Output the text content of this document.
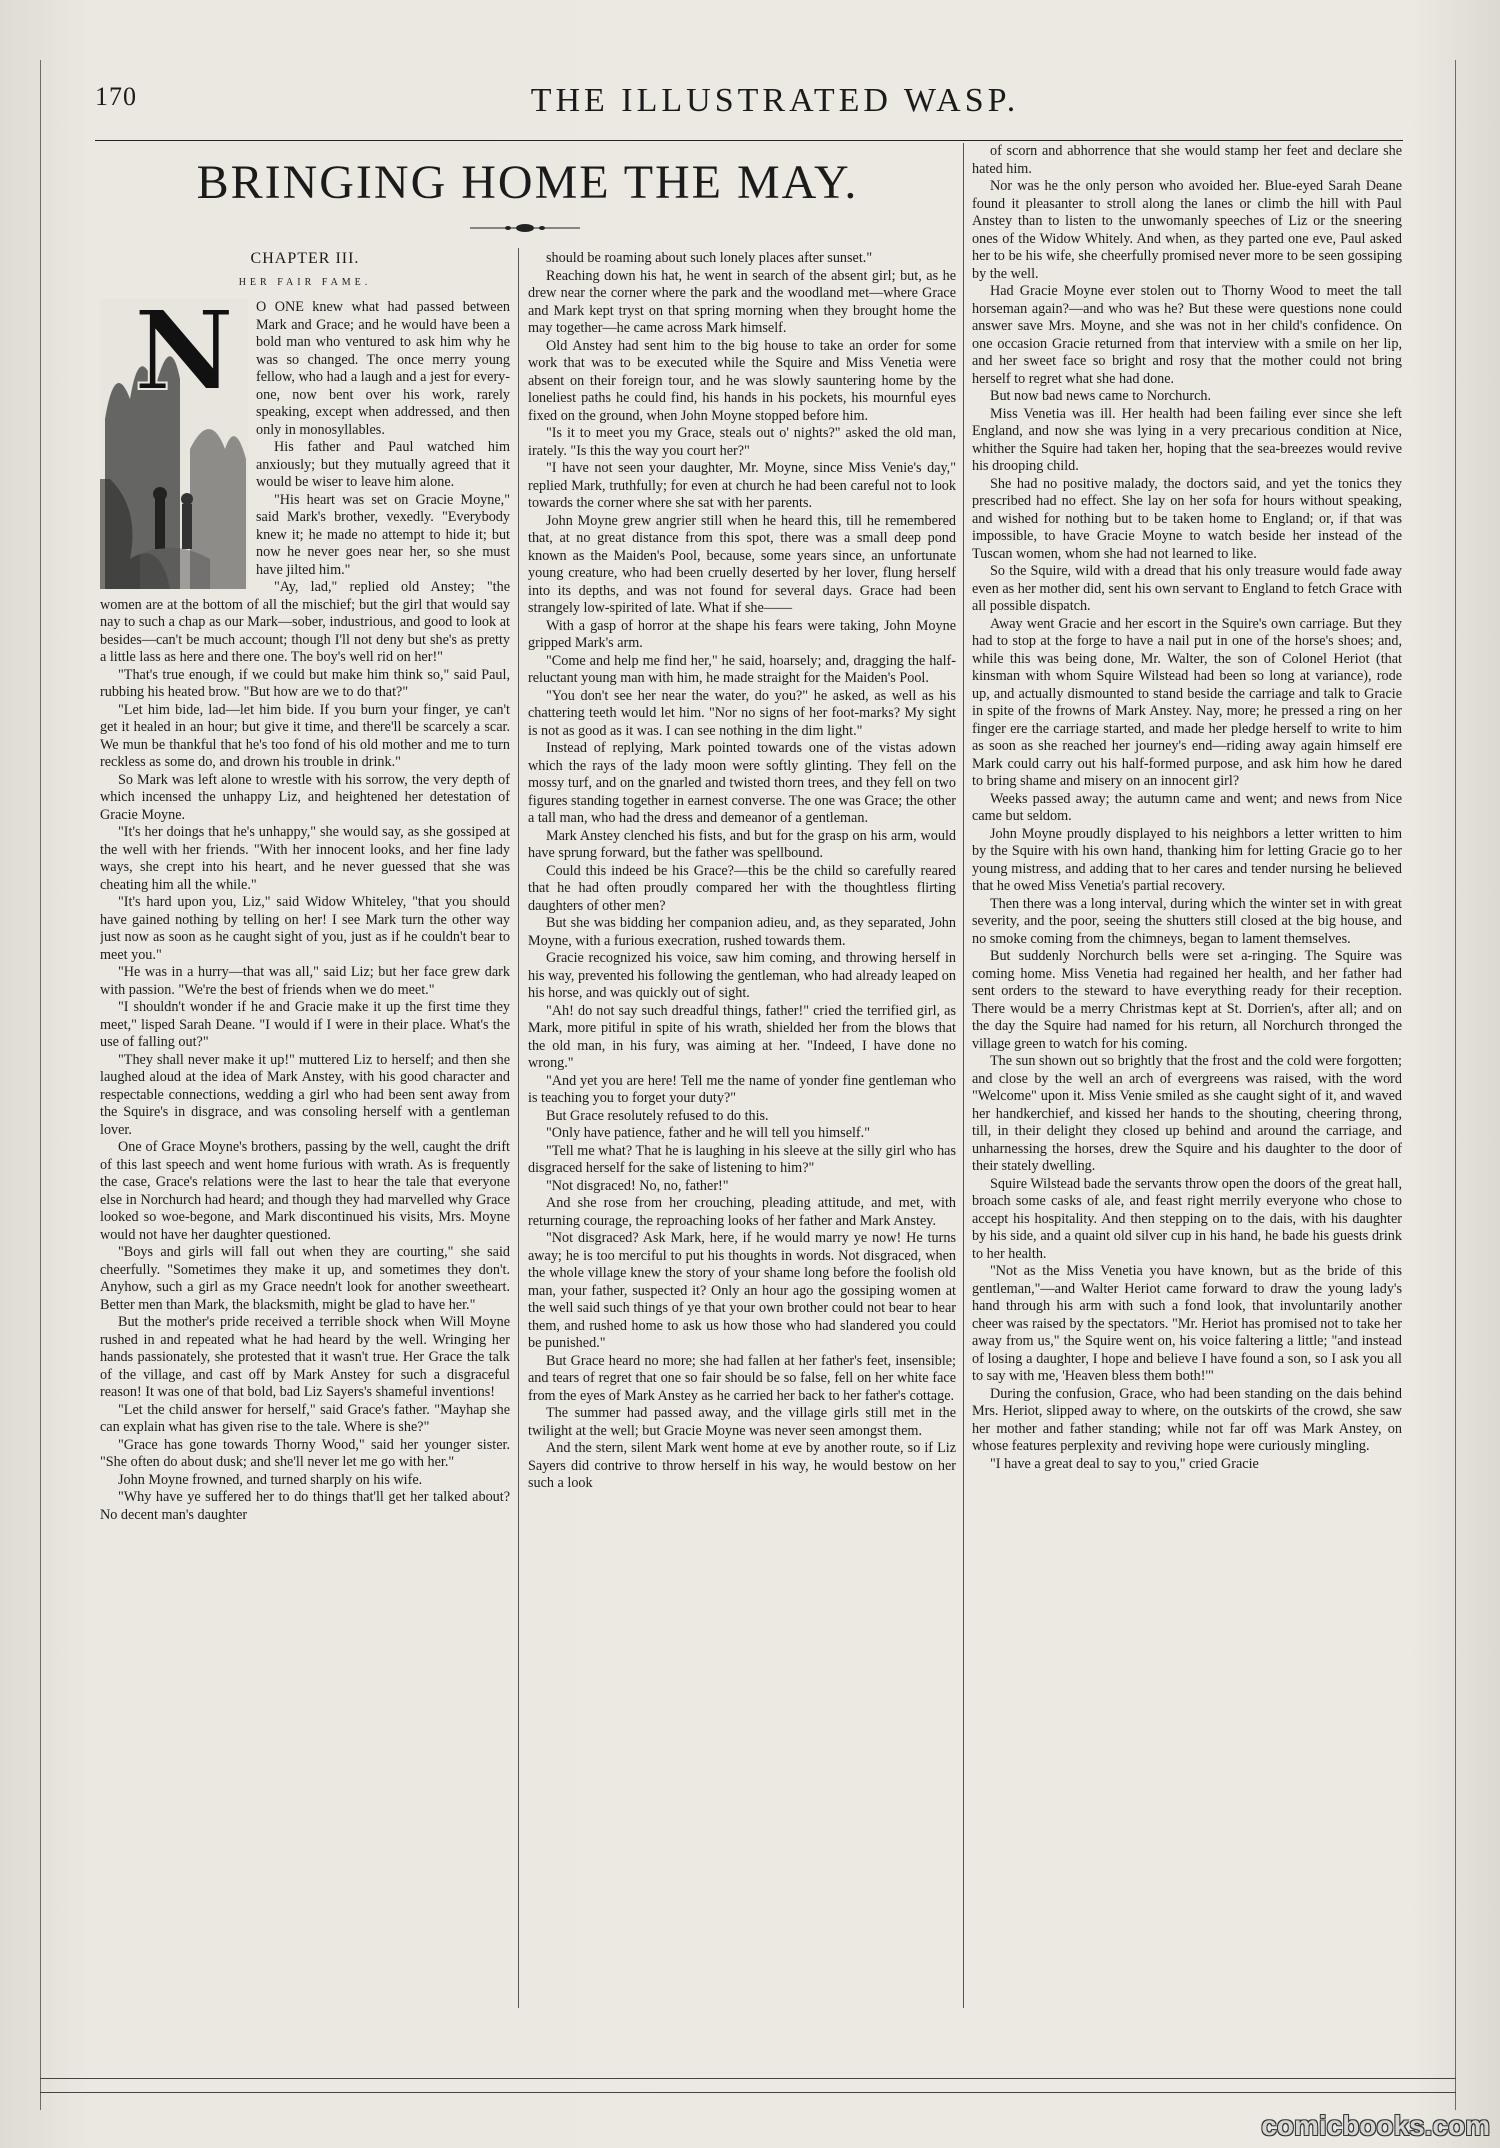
170	THE ILLUSTRATED WASP.
BRINGING HOME THE MAY.
CHAPTER III.
HER FAIR FAME.
N	O ONE knew what had passed between Mark and Grace; and he would have been a bold man who ventured to ask him why he was so changed. The once merry young fellow, who had a laugh and a jest for every-one, now bent over his work, rarely speaking, except when addressed, and then only in monosyllables.

His father and Paul watched him anxiously; but they mutually agreed that it would be wiser to leave him alone.

"His heart was set on Gracie Moyne," said Mark's brother, vexedly. "Everybody knew it; he made no attempt to hide it; but now he never goes near her, so she must have jilted him."

"Ay, lad," replied old Anstey; "the women are at the bottom of all the mischief; but the girl that would say nay to such a chap as our Mark—sober, industrious, and good to look at besides—can't be much account; though I'll not deny but she's as pretty a little lass as here and there one. The boy's well rid on her!"

"That's true enough, if we could but make him think so," said Paul, rubbing his heated brow. "But how are we to do that?"

"Let him bide, lad—let him bide. If you burn your finger, ye can't get it healed in an hour; but give it time, and there'll be scarcely a scar. We mun be thankful that he's too fond of his old mother and me to turn reckless as some do, and drown his trouble in drink."

So Mark was left alone to wrestle with his sorrow, the very depth of which incensed the unhappy Liz, and heightened her detestation of Gracie Moyne.

"It's her doings that he's unhappy," she would say, as she gossiped at the well with her friends. "With her innocent looks, and her fine lady ways, she crept into his heart, and he never guessed that she was cheating him all the while."

"It's hard upon you, Liz," said Widow Whiteley, "that you should have gained nothing by telling on her! I see Mark turn the other way just now as soon as he caught sight of you, just as if he couldn't bear to meet you."

"He was in a hurry—that was all," said Liz; but her face grew dark with passion. "We're the best of friends when we do meet."

"I shouldn't wonder if he and Gracie make it up the first time they meet," lisped Sarah Deane. "I would if I were in their place. What's the use of falling out?"

"They shall never make it up!" muttered Liz to herself; and then she laughed aloud at the idea of Mark Anstey, with his good character and respectable connections, wedding a girl who had been sent away from the Squire's in disgrace, and was consoling herself with a gentleman lover.

One of Grace Moyne's brothers, passing by the well, caught the drift of this last speech and went home furious with wrath. As is frequently the case, Grace's relations were the last to hear the tale that everyone else in Norchurch had heard; and though they had marvelled why Grace looked so woe-begone, and Mark discontinued his visits, Mrs. Moyne would not have her daughter questioned.

"Boys and girls will fall out when they are courting," she said cheerfully. "Sometimes they make it up, and sometimes they don't. Anyhow, such a girl as my Grace needn't look for another sweetheart. Better men than Mark, the blacksmith, might be glad to have her."

But the mother's pride received a terrible shock when Will Moyne rushed in and repeated what he had heard by the well. Wringing her hands passionately, she protested that it wasn't true. Her Grace the talk of the village, and cast off by Mark Anstey for such a disgraceful reason! It was one of that bold, bad Liz Sayers's shameful inventions!

"Let the child answer for herself," said Grace's father. "Mayhap she can explain what has given rise to the tale. Where is she?"

"Grace has gone towards Thorny Wood," said her younger sister. "She often do about dusk; and she'll never let me go with her."

John Moyne frowned, and turned sharply on his wife.

"Why have ye suffered her to do things that'll get her talked about? No decent man's daughter

should be roaming about such lonely places after sunset."

Reaching down his hat, he went in search of the absent girl; but, as he drew near the corner where the park and the woodland met—where Grace and Mark kept tryst on that spring morning when they brought home the may together—he came across Mark himself.

Old Anstey had sent him to the big house to take an order for some work that was to be executed while the Squire and Miss Venetia were absent on their foreign tour, and he was slowly sauntering home by the loneliest paths he could find, his hands in his pockets, his mournful eyes fixed on the ground, when John Moyne stopped before him.

"Is it to meet you my Grace, steals out o' nights?" asked the old man, irately. "Is this the way you court her?"

"I have not seen your daughter, Mr. Moyne, since Miss Venie's day," replied Mark, truthfully; for even at church he had been careful not to look towards the corner where she sat with her parents.

John Moyne grew angrier still when he heard this, till he remembered that, at no great distance from this spot, there was a small deep pond known as the Maiden's Pool, because, some years since, an unfortunate young creature, who had been cruelly deserted by her lover, flung herself into its depths, and was not found for several days. Grace had been strangely low-spirited of late. What if she——

With a gasp of horror at the shape his fears were taking, John Moyne gripped Mark's arm.

"Come and help me find her," he said, hoarsely; and, dragging the half-reluctant young man with him, he made straight for the Maiden's Pool.

"You don't see her near the water, do you?" he asked, as well as his chattering teeth would let him. "Nor no signs of her foot-marks? My sight is not as good as it was. I can see nothing in the dim light."

Instead of replying, Mark pointed towards one of the vistas adown which the rays of the lady moon were softly glinting. They fell on the mossy turf, and on the gnarled and twisted thorn trees, and they fell on two figures standing together in earnest converse. The one was Grace; the other a tall man, who had the dress and demeanor of a gentleman.

Mark Anstey clenched his fists, and but for the grasp on his arm, would have sprung forward, but the father was spellbound.

Could this indeed be his Grace?—this be the child so carefully reared that he had often proudly compared her with the thoughtless flirting daughters of other men?

But she was bidding her companion adieu, and, as they separated, John Moyne, with a furious execration, rushed towards them.

Gracie recognized his voice, saw him coming, and throwing herself in his way, prevented his following the gentleman, who had already leaped on his horse, and was quickly out of sight.

"Ah! do not say such dreadful things, father!" cried the terrified girl, as Mark, more pitiful in spite of his wrath, shielded her from the blows that the old man, in his fury, was aiming at her. "Indeed, I have done no wrong."

"And yet you are here! Tell me the name of yonder fine gentleman who is teaching you to forget your duty?"

But Grace resolutely refused to do this.

"Only have patience, father and he will tell you himself."

"Tell me what? That he is laughing in his sleeve at the silly girl who has disgraced herself for the sake of listening to him?"

"Not disgraced! No, no, father!"

And she rose from her crouching, pleading attitude, and met, with returning courage, the reproaching looks of her father and Mark Anstey.

"Not disgraced? Ask Mark, here, if he would marry ye now! He turns away; he is too merciful to put his thoughts in words. Not disgraced, when the whole village knew the story of your shame long before the foolish old man, your father, suspected it? Only an hour ago the gossiping women at the well said such things of ye that your own brother could not bear to hear them, and rushed home to ask us how those who had slandered you could be punished."

But Grace heard no more; she had fallen at her father's feet, insensible; and tears of regret that one so fair should be so false, fell on her white face from the eyes of Mark Anstey as he carried her back to her father's cottage.

The summer had passed away, and the village girls still met in the twilight at the well; but Gracie Moyne was never seen amongst them.

And the stern, silent Mark went home at eve by another route, so if Liz Sayers did contrive to throw herself in his way, he would bestow on her such a look

of scorn and abhorrence that she would stamp her feet and declare she hated him.

Nor was he the only person who avoided her. Blue-eyed Sarah Deane found it pleasanter to stroll along the lanes or climb the hill with Paul Anstey than to listen to the unwomanly speeches of Liz or the sneering ones of the Widow Whitely. And when, as they parted one eve, Paul asked her to be his wife, she cheerfully promised never more to be seen gossiping by the well.

Had Gracie Moyne ever stolen out to Thorny Wood to meet the tall horseman again?—and who was he? But these were questions none could answer save Mrs. Moyne, and she was not in her child's confidence. On one occasion Gracie returned from that interview with a smile on her lip, and her sweet face so bright and rosy that the mother could not bring herself to regret what she had done.

But now bad news came to Norchurch.

Miss Venetia was ill. Her health had been failing ever since she left England, and now she was lying in a very precarious condition at Nice, whither the Squire had taken her, hoping that the sea-breezes would revive his drooping child.

She had no positive malady, the doctors said, and yet the tonics they prescribed had no effect. She lay on her sofa for hours without speaking, and wished for nothing but to be taken home to England; or, if that was impossible, to have Gracie Moyne to watch beside her instead of the Tuscan women, whom she had not learned to like.

So the Squire, wild with a dread that his only treasure would fade away even as her mother did, sent his own servant to England to fetch Grace with all possible dispatch.

Away went Gracie and her escort in the Squire's own carriage. But they had to stop at the forge to have a nail put in one of the horse's shoes; and, while this was being done, Mr. Walter, the son of Colonel Heriot (that kinsman with whom Squire Wilstead had been so long at variance), rode up, and actually dismounted to stand beside the carriage and talk to Gracie in spite of the frowns of Mark Anstey. Nay, more; he pressed a ring on her finger ere the carriage started, and made her pledge herself to write to him as soon as she reached her journey's end—riding away again himself ere Mark could carry out his half-formed purpose, and ask him how he dared to bring shame and misery on an innocent girl?

Weeks passed away; the autumn came and went; and news from Nice came but seldom.

John Moyne proudly displayed to his neighbors a letter written to him by the Squire with his own hand, thanking him for letting Gracie go to her young mistress, and adding that to her cares and tender nursing he believed that he owed Miss Venetia's partial recovery.

Then there was a long interval, during which the winter set in with great severity, and the poor, seeing the shutters still closed at the big house, and no smoke coming from the chimneys, began to lament themselves.

But suddenly Norchurch bells were set a-ringing. The Squire was coming home. Miss Venetia had regained her health, and her father had sent orders to the steward to have everything ready for their reception. There would be a merry Christmas kept at St. Dorrien's, after all; and on the day the Squire had named for his return, all Norchurch thronged the village green to watch for his coming.

The sun shown out so brightly that the frost and the cold were forgotten; and close by the well an arch of evergreens was raised, with the word "Welcome" upon it. Miss Venie smiled as she caught sight of it, and waved her handkerchief, and kissed her hands to the shouting, cheering throng, till, in their delight they closed up behind and around the carriage, and unharnessing the horses, drew the Squire and his daughter to the door of their stately dwelling.

Squire Wilstead bade the servants throw open the doors of the great hall, broach some casks of ale, and feast right merrily everyone who chose to accept his hospitality. And then stepping on to the dais, with his daughter by his side, and a quaint old silver cup in his hand, he bade his guests drink to her health.

"Not as the Miss Venetia you have known, but as the bride of this gentleman,"—and Walter Heriot came forward to draw the young lady's hand through his arm with such a fond look, that involuntarily another cheer was raised by the spectators. "Mr. Heriot has promised not to take her away from us," the Squire went on, his voice faltering a little; "and instead of losing a daughter, I hope and believe I have found a son, so I ask you all to say with me, 'Heaven bless them both!'"

During the confusion, Grace, who had been standing on the dais behind Mrs. Heriot, slipped away to where, on the outskirts of the crowd, she saw her mother and father standing; while not far off was Mark Anstey, on whose features perplexity and reviving hope were curiously mingling.

"I have a great deal to say to you," cried Gracie

comicbooks.com
